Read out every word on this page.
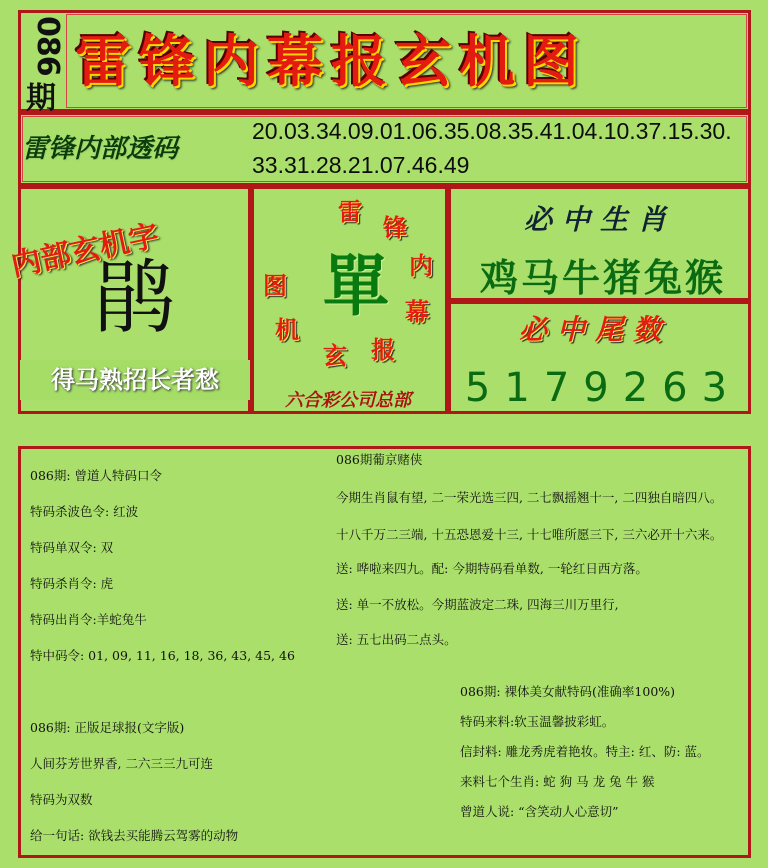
086
期
雷锋内幕报玄机图
雷锋内部透码
20.03.34.09.01.06.35.08.35.41.04.10.37.15.30.
33.31.28.21.07.46.49
内部玄机字
鹃
得马熟招长者愁
雷
锋
内
幕
报
玄
机
图 單
六合彩公司总部
必中生肖
鸡马牛猪兔猴
必中尾数
5179263
086期: 曾道人特码口令
特码杀波色令: 红波
特码单双令: 双
特码杀肖令: 虎
特码出肖令:羊蛇兔牛
特中码令: 01, 09, 11, 16, 18, 36, 43, 45, 46
086期: 正版足球报(文字版)
人间芬芳世界香, 二六三三九可连
特码为双数
给一句话: 欲钱去买能腾云驾雾的动物
086期葡京赌侠
今期生肖鼠有望, 二一荣光选三四, 二七飘摇翘十一, 二四独自暗四八。
十八千万二三端, 十五恐恩爱十三, 十七唯所愿三下, 三六必开十六来。
送: 哗啦来四九。配: 今期特码看单数, 一轮红日西方落。
送: 单一不放松。今期蓝波定二珠, 四海三川万里行,
送: 五七出码二点头。
086期: 裸体美女献特码(准确率100%)
特码来料:软玉温馨披彩虹。
信封料: 雕龙秀虎着艳妆。特主: 红、防: 蓝。
来料七个生肖: 蛇 狗 马 龙 兔 牛 猴
曾道人说: “含笑动人心意切”
